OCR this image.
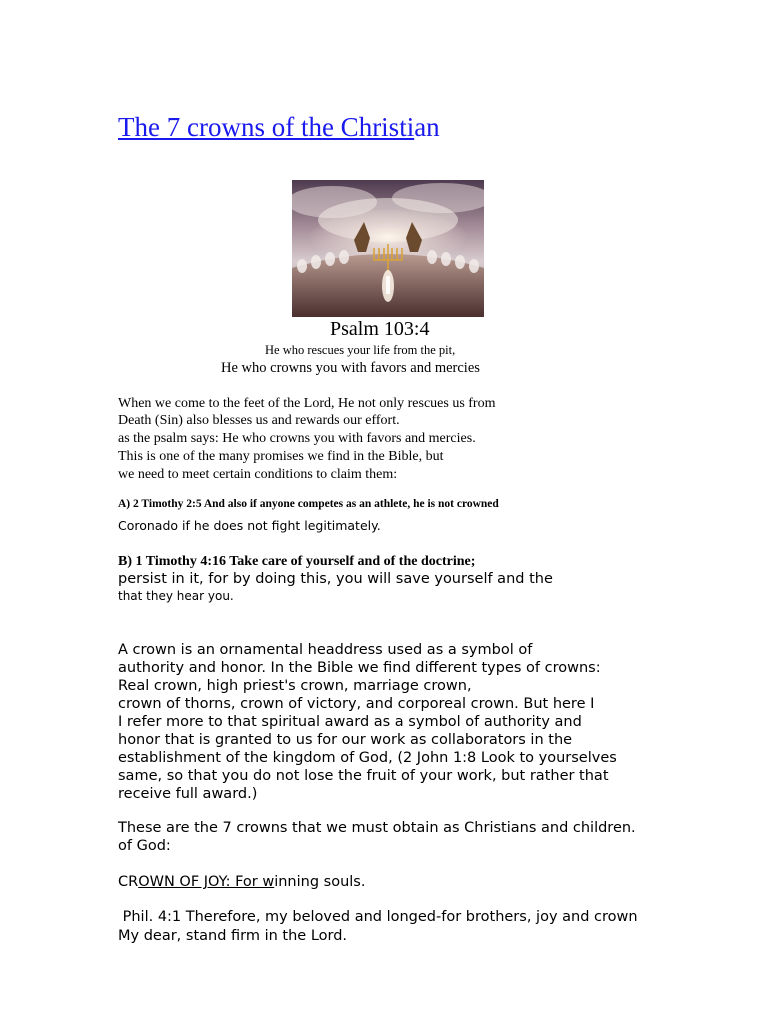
The 7 crowns of the Christian
Psalm 103:4
He who rescues your life from the pit,
He who crowns you with favors and mercies
When we come to the feet of the Lord, He not only rescues us from
Death (Sin) also blesses us and rewards our effort.
as the psalm says: He who crowns you with favors and mercies.
This is one of the many promises we find in the Bible, but
we need to meet certain conditions to claim them:
A) 2 Timothy 2:5 And also if anyone competes as an athlete, he is not crowned
Coronado if he does not fight legitimately.
B) 1 Timothy 4:16 Take care of yourself and of the doctrine;
persist in it, for by doing this, you will save yourself and the
that they hear you.
A crown is an ornamental headdress used as a symbol of
authority and honor. In the Bible we find different types of crowns:
Real crown, high priest's crown, marriage crown,
crown of thorns, crown of victory, and corporeal crown. But here I
I refer more to that spiritual award as a symbol of authority and
honor that is granted to us for our work as collaborators in the
establishment of the kingdom of God, (2 John 1:8 Look to yourselves
same, so that you do not lose the fruit of your work, but rather that
receive full award.)
These are the 7 crowns that we must obtain as Christians and children.
of God:
CROWN OF JOY: For winning souls.
Phil. 4:1 Therefore, my beloved and longed-for brothers, joy and crown
My dear, stand firm in the Lord.
